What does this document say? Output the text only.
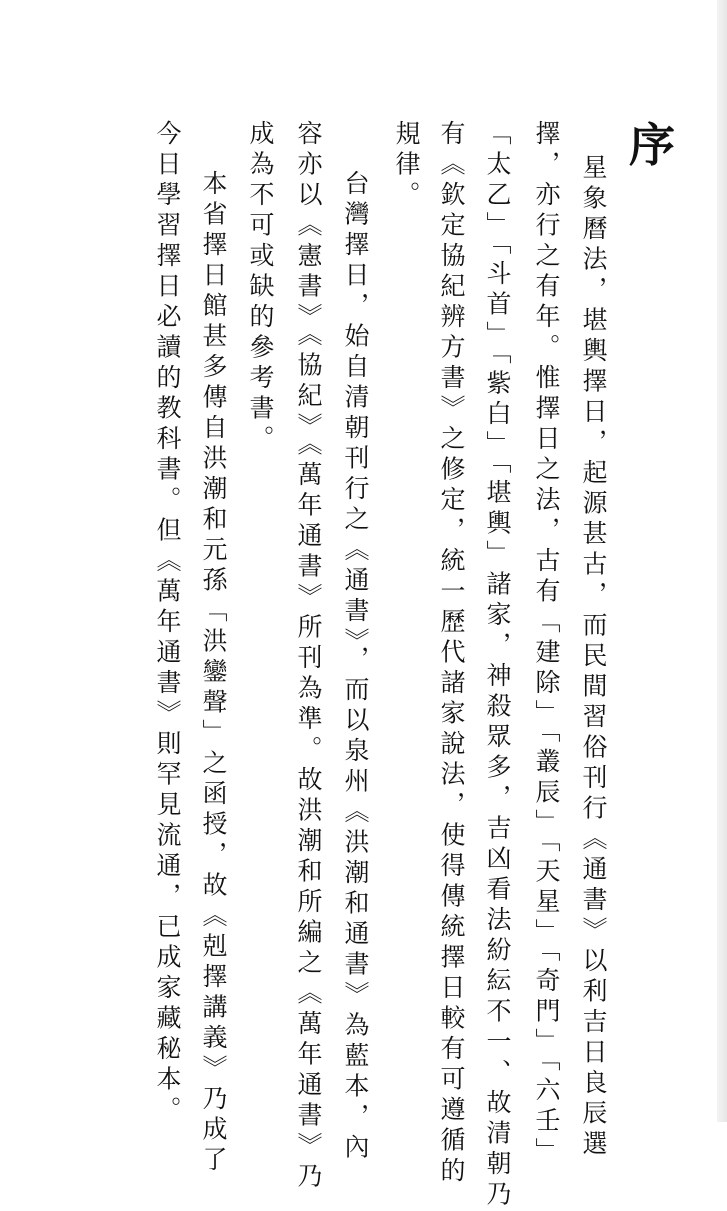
序
星象曆法，堪輿擇日，起源甚古，而民間習俗刊行《通書》以利吉日良辰選
擇，亦行之有年。惟擇日之法，古有「建除」「叢辰」「天星」「奇門」「六壬」
「太乙」「斗首」「紫白」「堪輿」諸家，神殺眾多，吉凶看法紛紜不一、故清朝乃
有《欽定協紀辨方書》之修定，統一歷代諸家說法，使得傳統擇日較有可遵循的
規律。
台灣擇日，始自清朝刊行之《通書》，而以泉州《洪潮和通書》為藍本，內
容亦以《憲書》《協紀》《萬年通書》所刊為準。故洪潮和所編之《萬年通書》乃
成為不可或缺的參考書。
本省擇日館甚多傳自洪潮和元孫「洪鑾聲」之函授，故《剋擇講義》乃成了
今日學習擇日必讀的教科書。但《萬年通書》則罕見流通，已成家藏秘本。
